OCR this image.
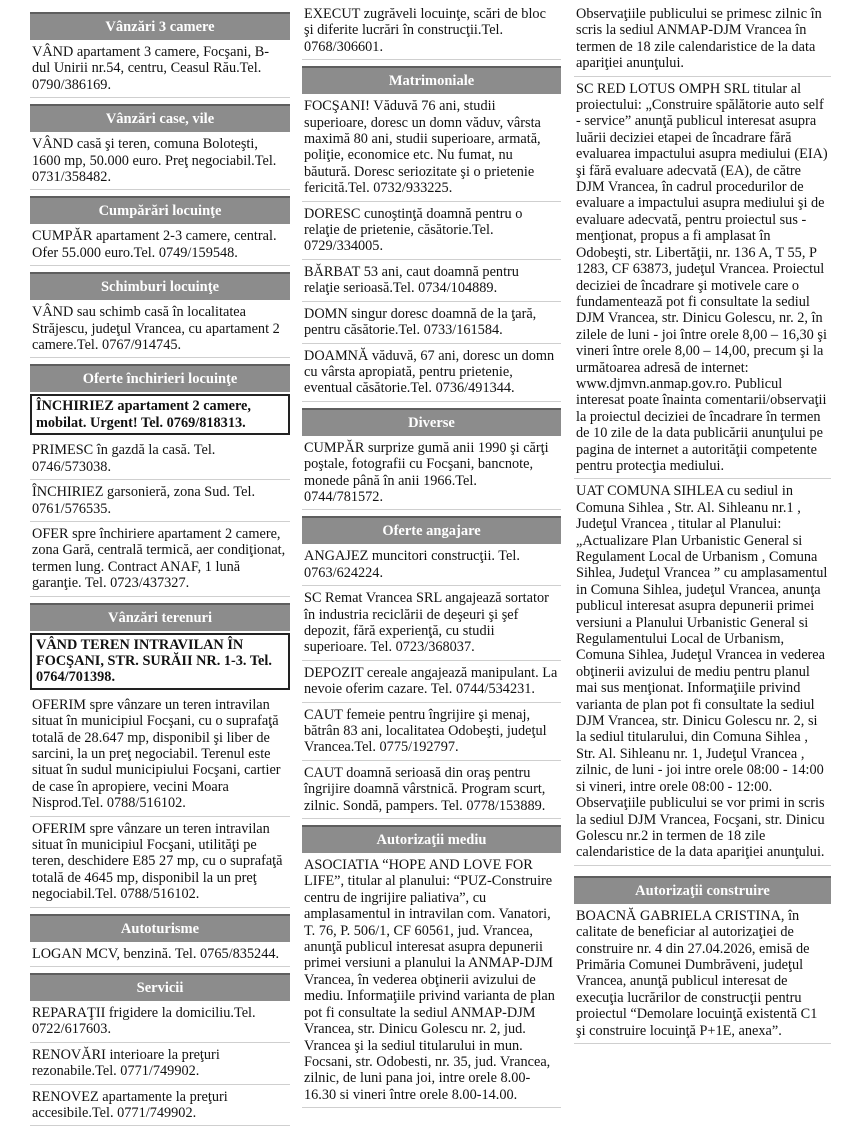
Vânzări 3 camere
VÂND apartament 3 camere, Focşani, B-dul Unirii nr.54, centru, Ceasul Rău.Tel. 0790/386169.
Vânzări case, vile
VÂND casă şi teren, comuna Boloteşti, 1600 mp, 50.000 euro. Preţ negociabil.Tel. 0731/358482.
Cumpărări locuinţe
CUMPĂR apartament 2-3 camere, central. Ofer 55.000 euro.Tel. 0749/159548.
Schimburi locuinţe
VÂND sau schimb casă în localitatea Străjescu, judeţul Vrancea, cu apartament 2 camere.Tel. 0767/914745.
Oferte închirieri locuinţe
ÎNCHIRIEZ apartament 2 camere, mobilat. Urgent! Tel. 0769/818313.
PRIMESC în gazdă la casă. Tel. 0746/573038.
ÎNCHIRIEZ garsonieră, zona Sud. Tel. 0761/576535.
OFER spre închiriere apartament 2 camere, zona Gară, centrală termică, aer condiţionat, termen lung. Contract ANAF, 1 lună garanţie. Tel. 0723/437327.
Vânzări terenuri
VÂND TEREN INTRAVILAN ÎN FOCŞANI, STR. SURĂII NR. 1-3. Tel. 0764/701398.
OFERIM spre vânzare un teren intravilan situat în municipiul Focşani, cu o suprafaţă totală de 28.647 mp, disponibil şi liber de sarcini, la un preţ negociabil. Terenul este situat în sudul municipiului Focşani, cartier de case în apropiere, vecini Moara Nisprod.Tel. 0788/516102.
OFERIM spre vânzare un teren intravilan situat în municipiul Focşani, utilităţi pe teren, deschidere E85 27 mp, cu o suprafaţă totală de 4645 mp, disponibil la un preţ negociabil.Tel. 0788/516102.
Autoturisme
LOGAN MCV, benzină. Tel. 0765/835244.
Servicii
REPARAŢII frigidere la domiciliu.Tel. 0722/617603.
RENOVĂRI interioare la preţuri rezonabile.Tel. 0771/749902.
RENOVEZ apartamente la preţuri accesibile.Tel. 0771/749902.
EXECUT zugrăveli locuinţe, scări de bloc şi diferite lucrări în construcţii.Tel. 0768/306601.
Matrimoniale
FOCŞANI! Văduvă 76 ani, studii superioare, doresc un domn văduv, vârsta maximă 80 ani, studii superioare, armată, poliţie, economice etc. Nu fumat, nu băutură. Doresc seriozitate şi o prietenie fericită.Tel. 0732/933225.
DORESC cunoştinţă doamnă pentru o relaţie de prietenie, căsătorie.Tel. 0729/334005.
BĂRBAT 53 ani, caut doamnă pentru relaţie serioasă.Tel. 0734/104889.
DOMN singur doresc doamnă de la ţară, pentru căsătorie.Tel. 0733/161584.
DOAMNĂ văduvă, 67 ani, doresc un domn cu vârsta apropiată, pentru prietenie, eventual căsătorie.Tel. 0736/491344.
Diverse
CUMPĂR surprize gumă anii 1990 şi cărţi poştale, fotografii cu Focşani, bancnote, monede până în anii 1966.Tel. 0744/781572.
Oferte angajare
ANGAJEZ muncitori construcţii. Tel. 0763/624224.
SC Remat Vrancea SRL angajează sortator în industria reciclării de deşeuri şi şef depozit, fără experienţă, cu studii superioare. Tel. 0723/368037.
DEPOZIT cereale angajează manipulant. La nevoie oferim cazare. Tel. 0744/534231.
CAUT femeie pentru îngrijire şi menaj, bătrân 83 ani, localitatea Odobeşti, judeţul Vrancea.Tel. 0775/192797.
CAUT doamnă serioasă din oraş pentru îngrijire doamnă vârstnică. Program scurt, zilnic. Sondă, pampers. Tel. 0778/153889.
Autorizaţii mediu
ASOCIATIA “HOPE AND LOVE FOR LIFE”, titular al planului: “PUZ-Construire centru de ingrijire paliativa”, cu amplasamentul in intravilan com. Vanatori, T. 76, P. 506/1, CF 60561, jud. Vrancea, anunţă publicul interesat asupra depunerii primei versiuni a planului la ANMAP-DJM Vrancea, în vederea obţinerii avizului de mediu. Informaţiile privind varianta de plan pot fi consultate la sediul ANMAP-DJM Vrancea, str. Dinicu Golescu nr. 2, jud. Vrancea şi la sediul titularului in mun. Focsani, str. Odobesti, nr. 35, jud. Vrancea, zilnic, de luni pana joi, intre orele 8.00-16.30 si vineri între orele 8.00-14.00.
Observaţiile publicului se primesc zilnic în scris la sediul ANMAP-DJM Vrancea în termen de 18 zile calendaristice de la data apariţiei anunţului.
SC RED LOTUS OMPH SRL titular al proiectului: „Construire spălătorie auto self - service” anunţă publicul interesat asupra luării deciziei etapei de încadrare fără evaluarea impactului asupra mediului (EIA) şi fără evaluare adecvată (EA), de către DJM Vrancea, în cadrul procedurilor de evaluare a impactului asupra mediului şi de evaluare adecvată, pentru proiectul sus - menţionat, propus a fi amplasat în Odobeşti, str. Libertăţii, nr. 136 A, T 55, P 1283, CF 63873, judeţul Vrancea. Proiectul deciziei de încadrare şi motivele care o fundamentează pot fi consultate la sediul DJM Vrancea, str. Dinicu Golescu, nr. 2, în zilele de luni - joi între orele 8,00 – 16,30 şi vineri între orele 8,00 – 14,00, precum şi la următoarea adresă de internet: www.djmvn.anmap.gov.ro. Publicul interesat poate înainta comentarii/observaţii la proiectul deciziei de încadrare în termen de 10 zile de la data publicării anunţului pe pagina de internet a autorităţii competente pentru protecţia mediului.
UAT COMUNA SIHLEA cu sediul in Comuna Sihlea , Str. Al. Sihleanu nr.1 , Judeţul Vrancea , titular al Planului: „Actualizare Plan Urbanistic General si Regulament Local de Urbanism , Comuna Sihlea, Judeţul Vrancea ” cu amplasamentul in Comuna Sihlea, judeţul Vrancea, anunţa publicul interesat asupra depunerii primei versiuni a Planului Urbanistic General si Regulamentului Local de Urbanism, Comuna Sihlea, Judeţul Vrancea in vederea obţinerii avizului de mediu pentru planul mai sus menţionat. Informaţiile privind varianta de plan pot fi consultate la sediul DJM Vrancea, str. Dinicu Golescu nr. 2, si la sediul titularului, din Comuna Sihlea , Str. Al. Sihleanu nr. 1, Judeţul Vrancea , zilnic, de luni - joi intre orele 08:00 - 14:00 si vineri, intre orele 08:00 - 12:00. Observaţiile publicului se vor primi in scris la sediul DJM Vrancea, Focşani, str. Dinicu Golescu nr.2 in termen de 18 zile calendaristice de la data apariţiei anunţului.
Autorizaţii construire
BOACNĂ GABRIELA CRISTINA, în calitate de beneficiar al autorizaţiei de construire nr. 4 din 27.04.2026, emisă de Primăria Comunei Dumbrăveni, judeţul Vrancea, anunţă publicul interesat de execuţia lucrărilor de construcţii pentru proiectul “Demolare locuinţă existentă C1 şi construire locuinţă P+1E, anexa”.
